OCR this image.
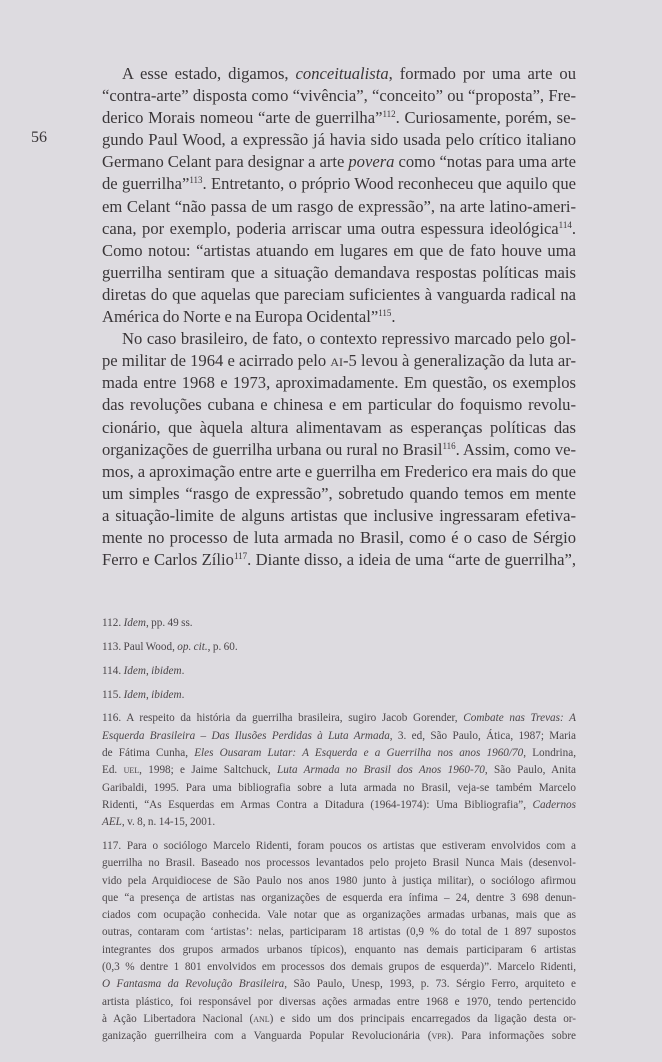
56
A esse estado, digamos, conceitualista, formado por uma arte ou
“contra-arte” disposta como “vivência”, “conceito” ou “proposta”, Fre-
derico Morais nomeou “arte de guerrilha”$^{112}$. Curiosamente, porém, se-
gundo Paul Wood, a expressão já havia sido usada pelo crítico italiano
Germano Celant para designar a arte povera como “notas para uma arte
de guerrilha”$^{113}$. Entretanto, o próprio Wood reconheceu que aquilo que
em Celant “não passa de um rasgo de expressão”, na arte latino-ameri-
cana, por exemplo, poderia arriscar uma outra espessura ideológica$^{114}$.
Como notou: “artistas atuando em lugares em que de fato houve uma
guerrilha sentiram que a situação demandava respostas políticas mais
diretas do que aquelas que pareciam suficientes à vanguarda radical na
América do Norte e na Europa Ocidental”$^{115}$.
No caso brasileiro, de fato, o contexto repressivo marcado pelo gol-
pe militar de 1964 e acirrado pelo ai-5 levou à generalização da luta ar-
mada entre 1968 e 1973, aproximadamente. Em questão, os exemplos
das revoluções cubana e chinesa e em particular do foquismo revolu-
cionário, que àquela altura alimentavam as esperanças políticas das
organizações de guerrilha urbana ou rural no Brasil$^{116}$. Assim, como ve-
mos, a aproximação entre arte e guerrilha em Frederico era mais do que
um simples “rasgo de expressão”, sobretudo quando temos em mente
a situação-limite de alguns artistas que inclusive ingressaram efetiva-
mente no processo de luta armada no Brasil, como é o caso de Sérgio
Ferro e Carlos Zílio$^{117}$. Diante disso, a ideia de uma “arte de guerrilha”,
112. Idem, pp. 49 ss.
113. Paul Wood, op. cit., p. 60.
114. Idem, ibidem.
115. Idem, ibidem.
116. A respeito da história da guerrilha brasileira, sugiro Jacob Gorender, Combate nas Trevas: A
Esquerda Brasileira – Das Ilusões Perdidas à Luta Armada, 3. ed, São Paulo, Ática, 1987; Maria
de Fátima Cunha, Eles Ousaram Lutar: A Esquerda e a Guerrilha nos anos 1960/70, Londrina,
Ed. uel, 1998; e Jaime Saltchuck, Luta Armada no Brasil dos Anos 1960-70, São Paulo, Anita
Garibaldi, 1995. Para uma bibliografia sobre a luta armada no Brasil, veja-se também Marcelo
Ridenti, “As Esquerdas em Armas Contra a Ditadura (1964-1974): Uma Bibliografia”, Cadernos
AEL, v. 8, n. 14-15, 2001.
117. Para o sociólogo Marcelo Ridenti, foram poucos os artistas que estiveram envolvidos com a
guerrilha no Brasil. Baseado nos processos levantados pelo projeto Brasil Nunca Mais (desenvol-
vido pela Arquidiocese de São Paulo nos anos 1980 junto à justiça militar), o sociólogo afirmou
que “a presença de artistas nas organizações de esquerda era ínfima – 24, dentre 3 698 denun-
ciados com ocupação conhecida. Vale notar que as organizações armadas urbanas, mais que as
outras, contaram com ‘artistas’: nelas, participaram 18 artistas (0,9 % do total de 1 897 supostos
integrantes dos grupos armados urbanos típicos), enquanto nas demais participaram 6 artistas
(0,3 % dentre 1 801 envolvidos em processos dos demais grupos de esquerda)”. Marcelo Ridenti,
O Fantasma da Revolução Brasileira, São Paulo, Unesp, 1993, p. 73. Sérgio Ferro, arquiteto e
artista plástico, foi responsável por diversas ações armadas entre 1968 e 1970, tendo pertencido
à Ação Libertadora Nacional (anl) e sido um dos principais encarregados da ligação desta or-
ganização guerrilheira com a Vanguarda Popular Revolucionária (vpr). Para informações sobre
